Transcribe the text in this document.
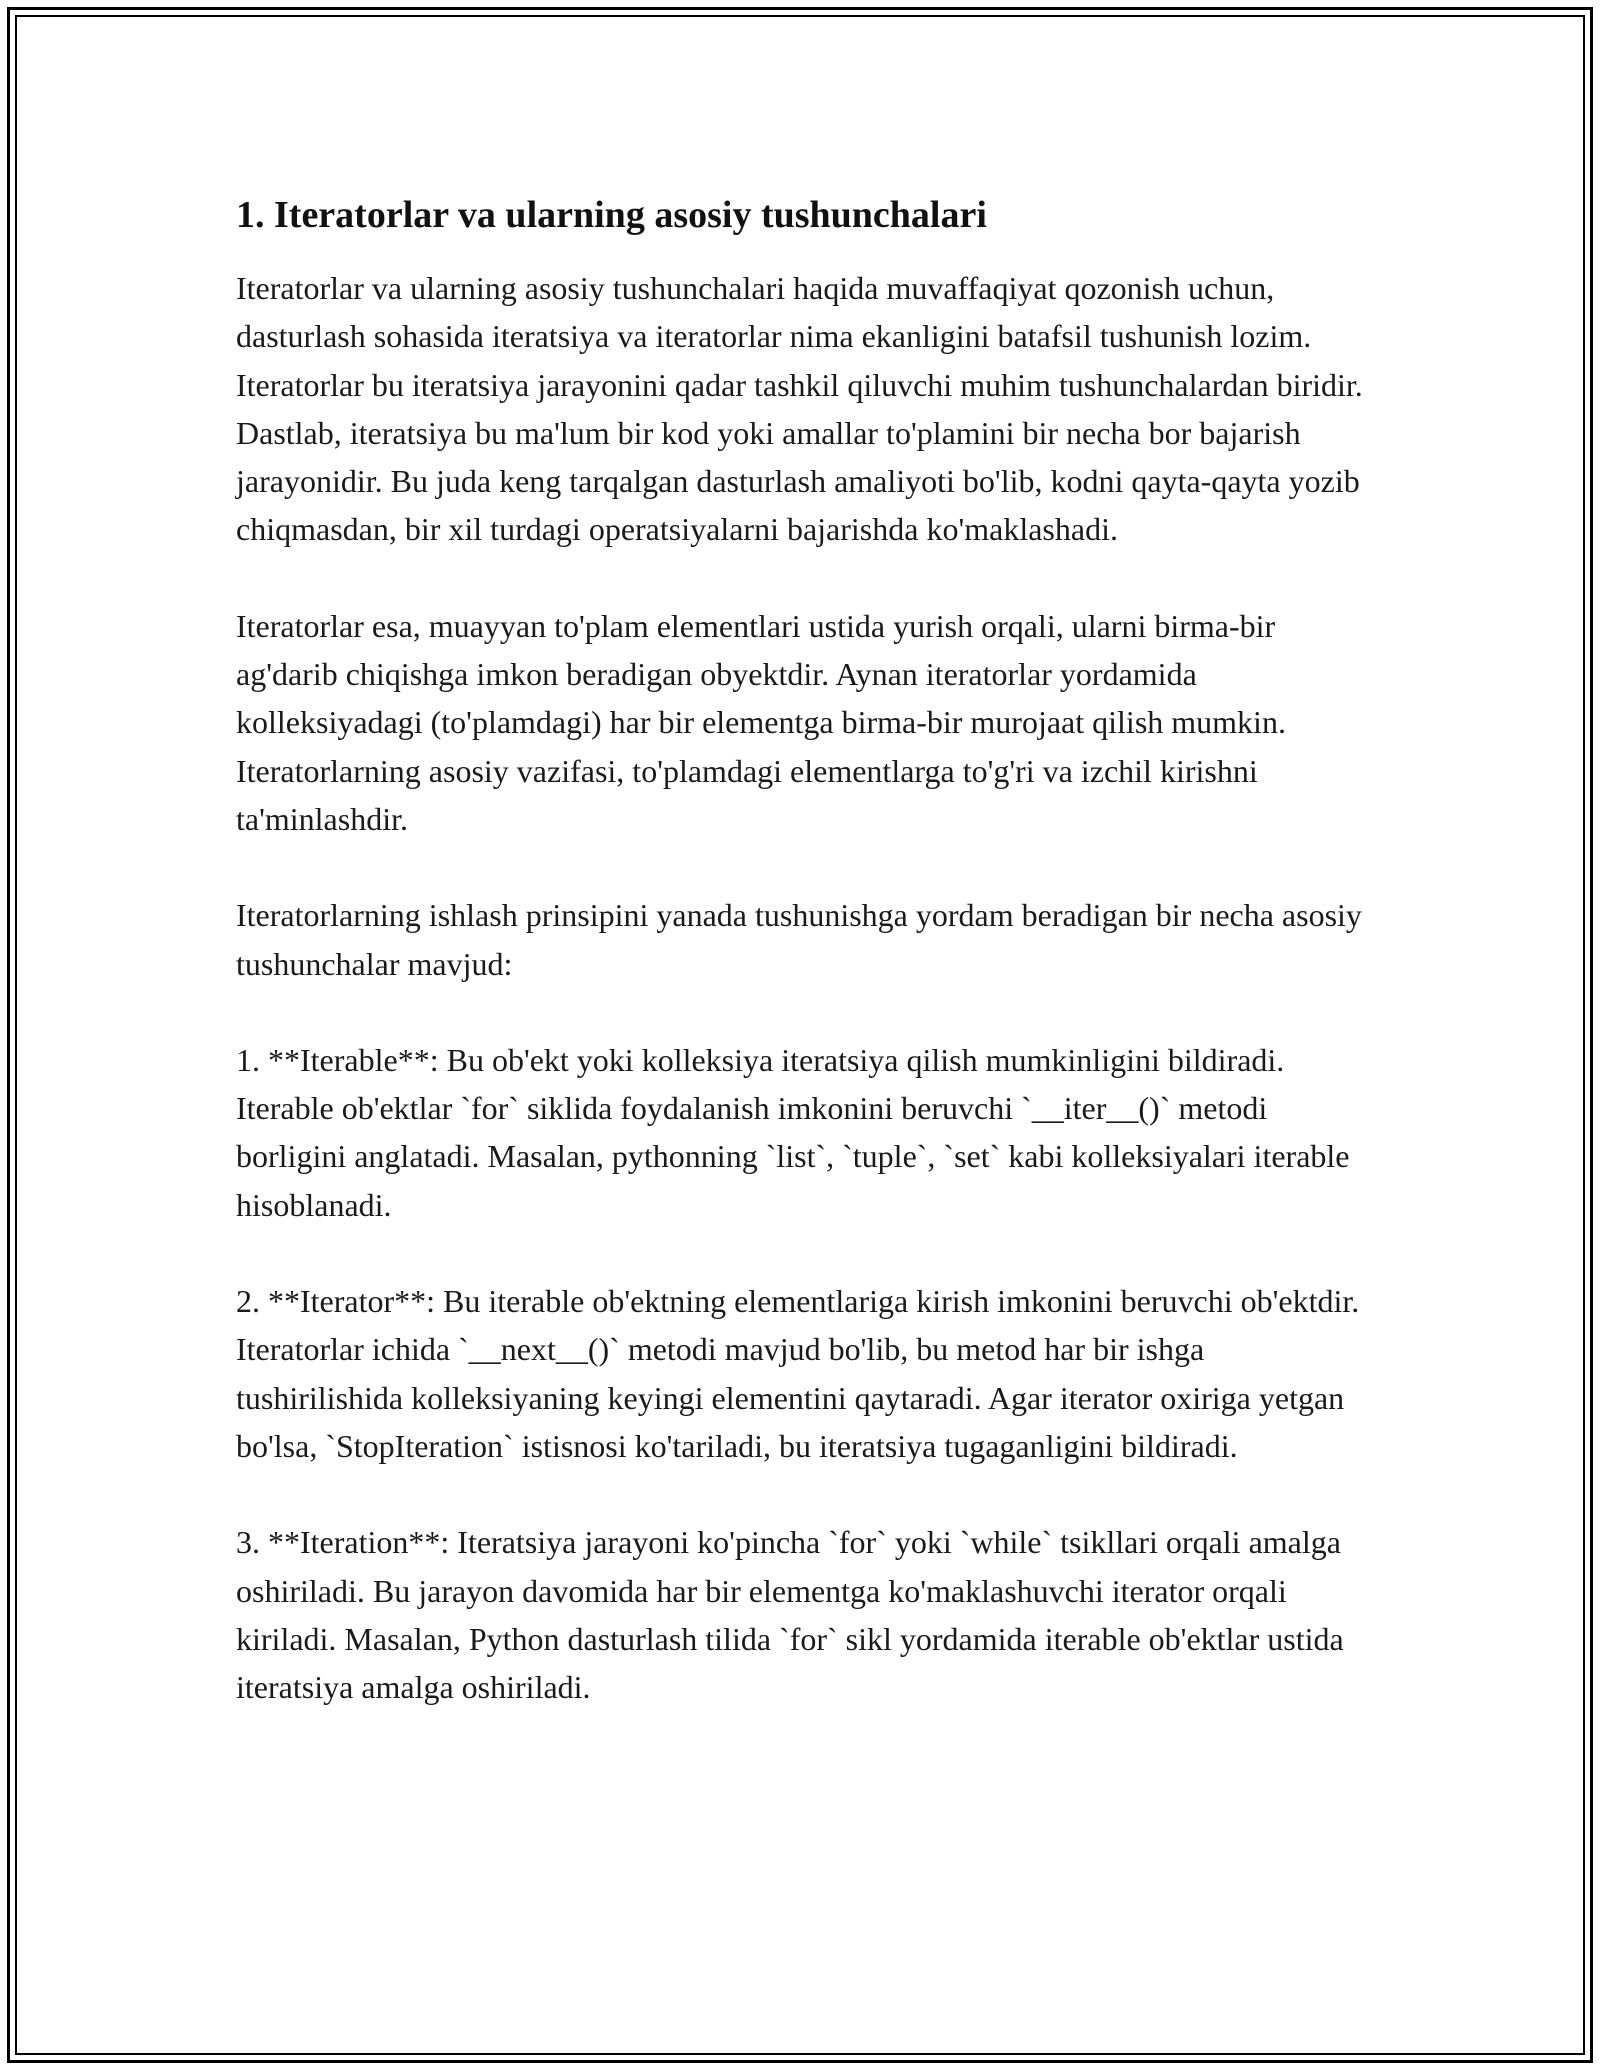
1. Iteratorlar va ularning asosiy tushunchalari

Iteratorlar va ularning asosiy tushunchalari haqida muvaffaqiyat qozonish uchun, dasturlash sohasida iteratsiya va iteratorlar nima ekanligini batafsil tushunish lozim. Iteratorlar bu iteratsiya jarayonini qadar tashkil qiluvchi muhim tushunchalardan biridir. Dastlab, iteratsiya bu ma'lum bir kod yoki amallar to'plamini bir necha bor bajarish jarayonidir. Bu juda keng tarqalgan dasturlash amaliyoti bo'lib, kodni qayta-qayta yozib chiqmasdan, bir xil turdagi operatsiyalarni bajarishda ko'maklashadi.

Iteratorlar esa, muayyan to'plam elementlari ustida yurish orqali, ularni birma-bir ag'darib chiqishga imkon beradigan obyektdir. Aynan iteratorlar yordamida kolleksiyadagi (to'plamdagi) har bir elementga birma-bir murojaat qilish mumkin. Iteratorlarning asosiy vazifasi, to'plamdagi elementlarga to'g'ri va izchil kirishni ta'minlashdir.

Iteratorlarning ishlash prinsipini yanada tushunishga yordam beradigan bir necha asosiy tushunchalar mavjud:

1. **Iterable**: Bu ob'ekt yoki kolleksiya iteratsiya qilish mumkinligini bildiradi. Iterable ob'ektlar `for` siklida foydalanish imkonini beruvchi `__iter__()` metodi borligini anglatadi. Masalan, pythonning `list`, `tuple`, `set` kabi kolleksiyalari iterable hisoblanadi.

2. **Iterator**: Bu iterable ob'ektning elementlariga kirish imkonini beruvchi ob'ektdir. Iteratorlar ichida `__next__()` metodi mavjud bo'lib, bu metod har bir ishga tushirilishida kolleksiyaning keyingi elementini qaytaradi. Agar iterator oxiriga yetgan bo'lsa, `StopIteration` istisnosi ko'tariladi, bu iteratsiya tugaganligini bildiradi.

3. **Iteration**: Iteratsiya jarayoni ko'pincha `for` yoki `while` tsikllari orqali amalga oshiriladi. Bu jarayon davomida har bir elementga ko'maklashuvchi iterator orqali kiriladi. Masalan, Python dasturlash tilida `for` sikl yordamida iterable ob'ektlar ustida iteratsiya amalga oshiriladi.
